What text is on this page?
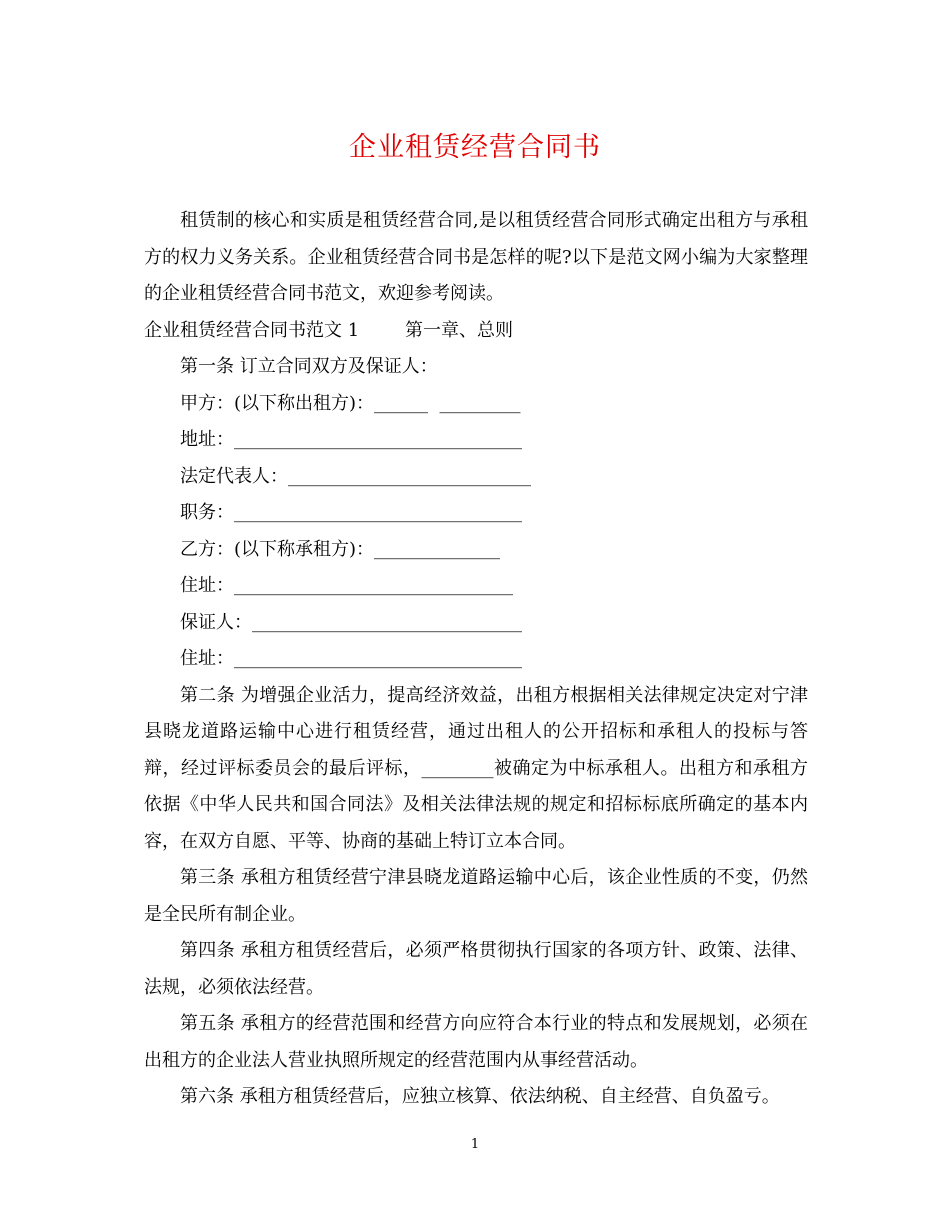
企业租赁经营合同书

租赁制的核心和实质是租赁经营合同,是以租赁经营合同形式确定出租方与承租方的权力义务关系。企业租赁经营合同书是怎样的呢?以下是范文网小编为大家整理的企业租赁经营合同书范文，欢迎参考阅读。

企业租赁经营合同书范文 1        第一章、总则

第一条 订立合同双方及保证人：

甲方：(以下称出租方)：______  _________

地址：________________________________

法定代表人：___________________________

职务：________________________________

乙方：(以下称承租方)：______________

住址：_______________________________

保证人：______________________________

住址：________________________________

第二条 为增强企业活力，提高经济效益，出租方根据相关法律规定决定对宁津县晓龙道路运输中心进行租赁经营，通过出租人的公开招标和承租人的投标与答辩，经过评标委员会的最后评标，________被确定为中标承租人。出租方和承租方依据《中华人民共和国合同法》及相关法律法规的规定和招标标底所确定的基本内容，在双方自愿、平等、协商的基础上特订立本合同。

第三条 承租方租赁经营宁津县晓龙道路运输中心后，该企业性质的不变，仍然是全民所有制企业。

第四条 承租方租赁经营后，必须严格贯彻执行国家的各项方针、政策、法律、法规，必须依法经营。

第五条 承租方的经营范围和经营方向应符合本行业的特点和发展规划，必须在出租方的企业法人营业执照所规定的经营范围内从事经营活动。

第六条 承租方租赁经营后，应独立核算、依法纳税、自主经营、自负盈亏。

1
